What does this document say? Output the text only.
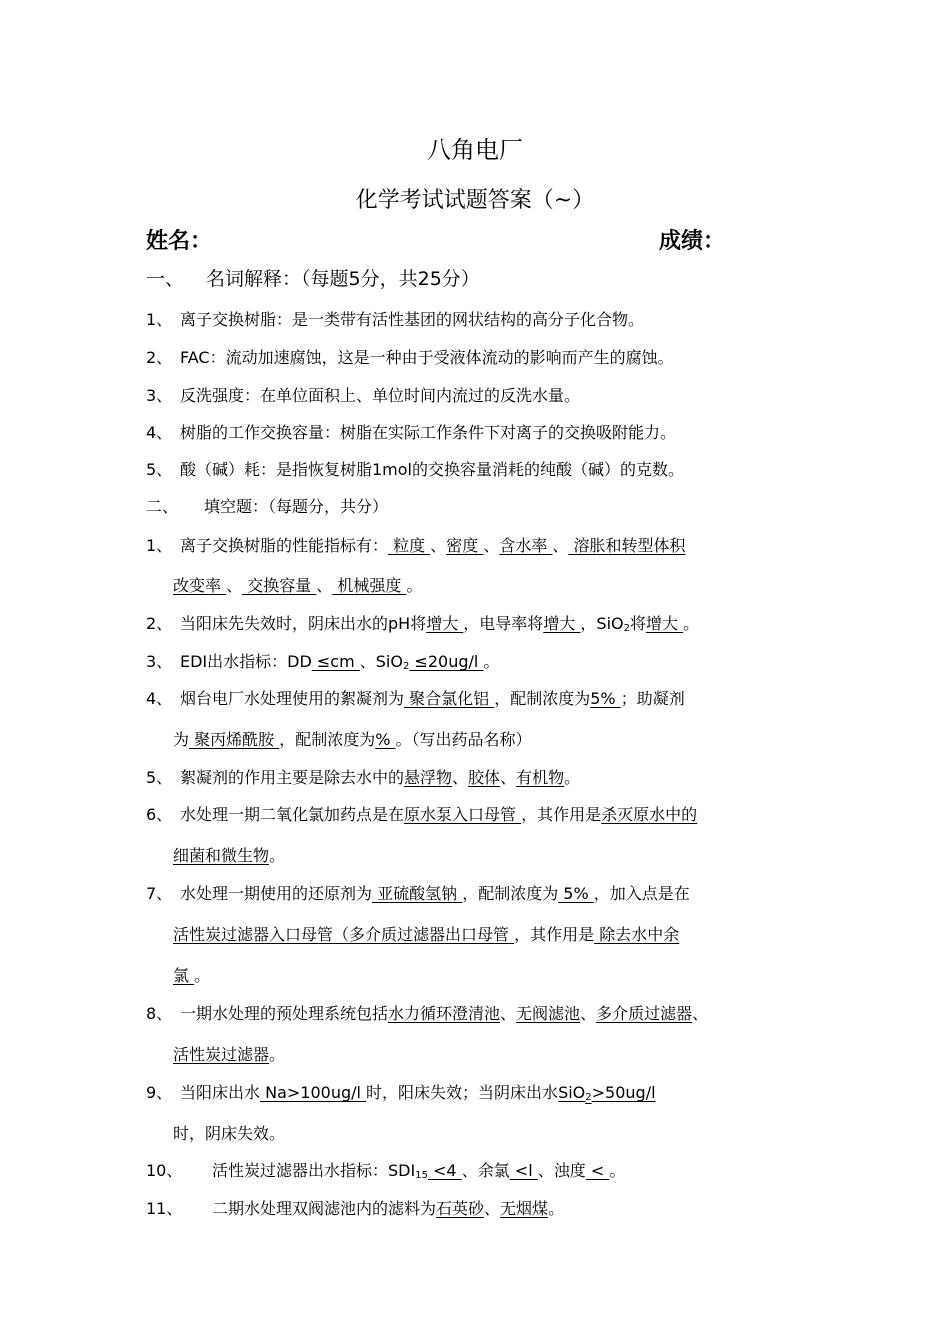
八角电厂
化学考试试题答案（~）
姓名：	成绩：
一、 名词解释：（每题5分，共25分）
1、 离子交换树脂：是一类带有活性基团的网状结构的高分子化合物。
2、 FAC：流动加速腐蚀，这是一种由于受液体流动的影响而产生的腐蚀。
3、 反洗强度：在单位面积上、单位时间内流过的反洗水量。
4、 树脂的工作交换容量：树脂在实际工作条件下对离子的交换吸附能力。
5、 酸（碱）耗：是指恢复树脂1mol的交换容量消耗的纯酸（碱）的克数。
二、 填空题：（每题分，共分）
1、 离子交换树脂的性能指标有： 粒度 、密度 、含水率 、 溶胀和转型体积
改变率 、 交换容量 、 机械强度 。
2、 当阳床先失效时，阴床出水的pH将增大 ，电导率将增大 ，SiO$_2$将增大 。
3、 EDI出水指标：DD ≤cm 、SiO$_2$ ≤20ug/l 。
4、 烟台电厂水处理使用的絮凝剂为 聚合氯化铝 ，配制浓度为5% ；助凝剂
为 聚丙烯酰胺 ，配制浓度为% 。（写出药品名称）
5、 絮凝剂的作用主要是除去水中的悬浮物、胶体、有机物。
6、 水处理一期二氧化氯加药点是在原水泵入口母管 ，其作用是杀灭原水中的
细菌和微生物。
7、 水处理一期使用的还原剂为 亚硫酸氢钠 ，配制浓度为 5% ，加入点是在
活性炭过滤器入口母管（多介质过滤器出口母管 ，其作用是 除去水中余
氯 。
8、 一期水处理的预处理系统包括水力循环澄清池、无阀滤池、多介质过滤器、
活性炭过滤器。
9、 当阳床出水 Na>100ug/l 时，阳床失效；当阴床出水SiO$_2$>50ug/l
时，阴床失效。
10、 活性炭过滤器出水指标：$SDI_{15} <4$ 、余氯 <l 、浊度 < 。
11、 二期水处理双阀滤池内的滤料为石英砂、无烟煤。
